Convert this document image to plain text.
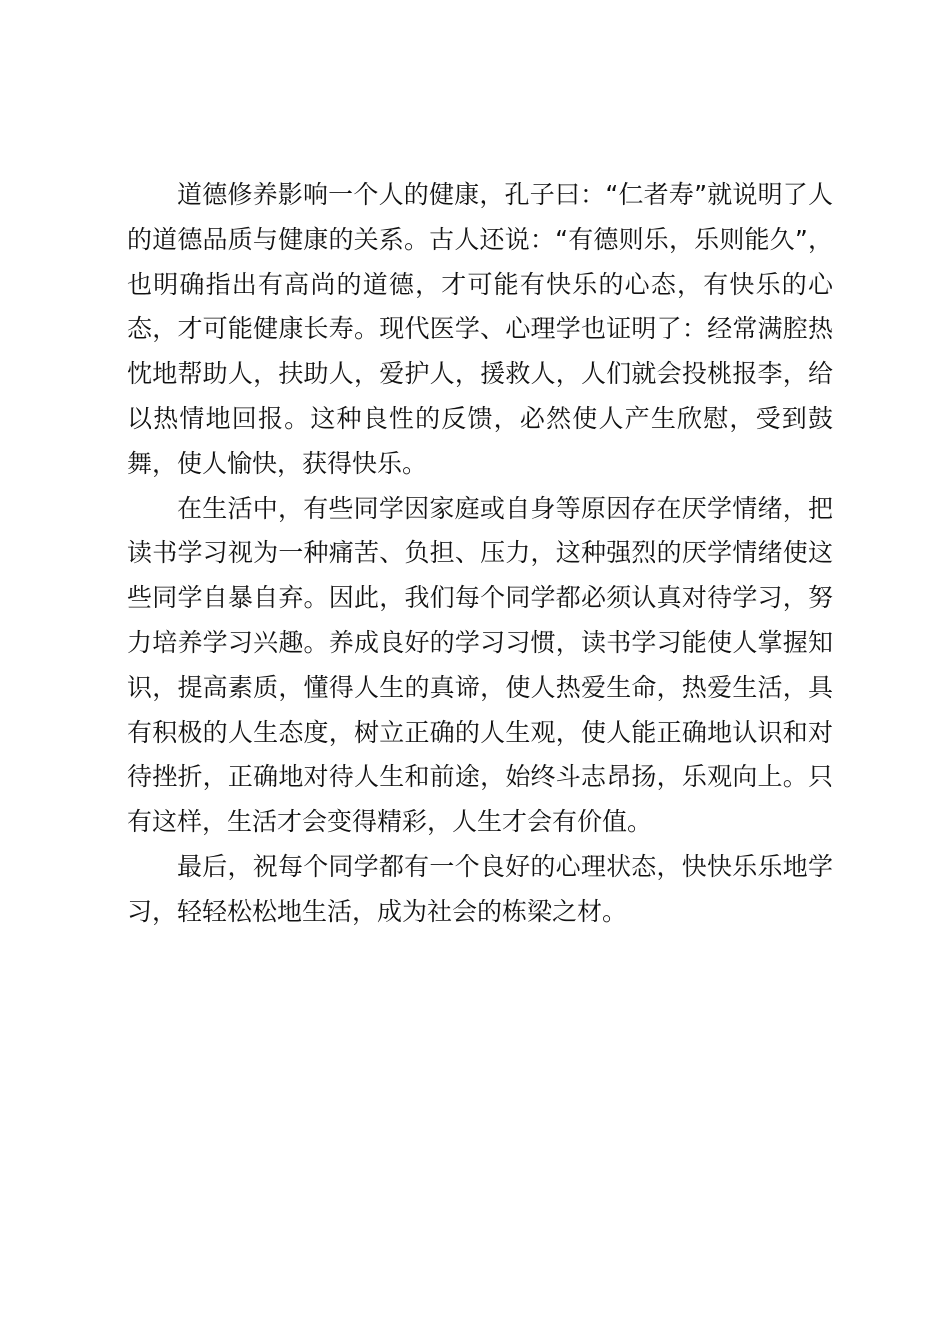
道德修养影响一个人的健康，孔子曰：“仁者寿”就说明了人的道德品质与健康的关系。古人还说：“有德则乐，乐则能久”，也明确指出有高尚的道德，才可能有快乐的心态，有快乐的心态，才可能健康长寿。现代医学、心理学也证明了：经常满腔热忱地帮助人，扶助人，爱护人，援救人，人们就会投桃报李，给以热情地回报。这种良性的反馈，必然使人产生欣慰，受到鼓舞，使人愉快，获得快乐。

在生活中，有些同学因家庭或自身等原因存在厌学情绪，把读书学习视为一种痛苦、负担、压力，这种强烈的厌学情绪使这些同学自暴自弃。因此，我们每个同学都必须认真对待学习，努力培养学习兴趣。养成良好的学习习惯，读书学习能使人掌握知识，提高素质，懂得人生的真谛，使人热爱生命，热爱生活，具有积极的人生态度，树立正确的人生观，使人能正确地认识和对待挫折，正确地对待人生和前途，始终斗志昂扬，乐观向上。只有这样，生活才会变得精彩，人生才会有价值。

最后，祝每个同学都有一个良好的心理状态，快快乐乐地学习，轻轻松松地生活，成为社会的栋梁之材。
